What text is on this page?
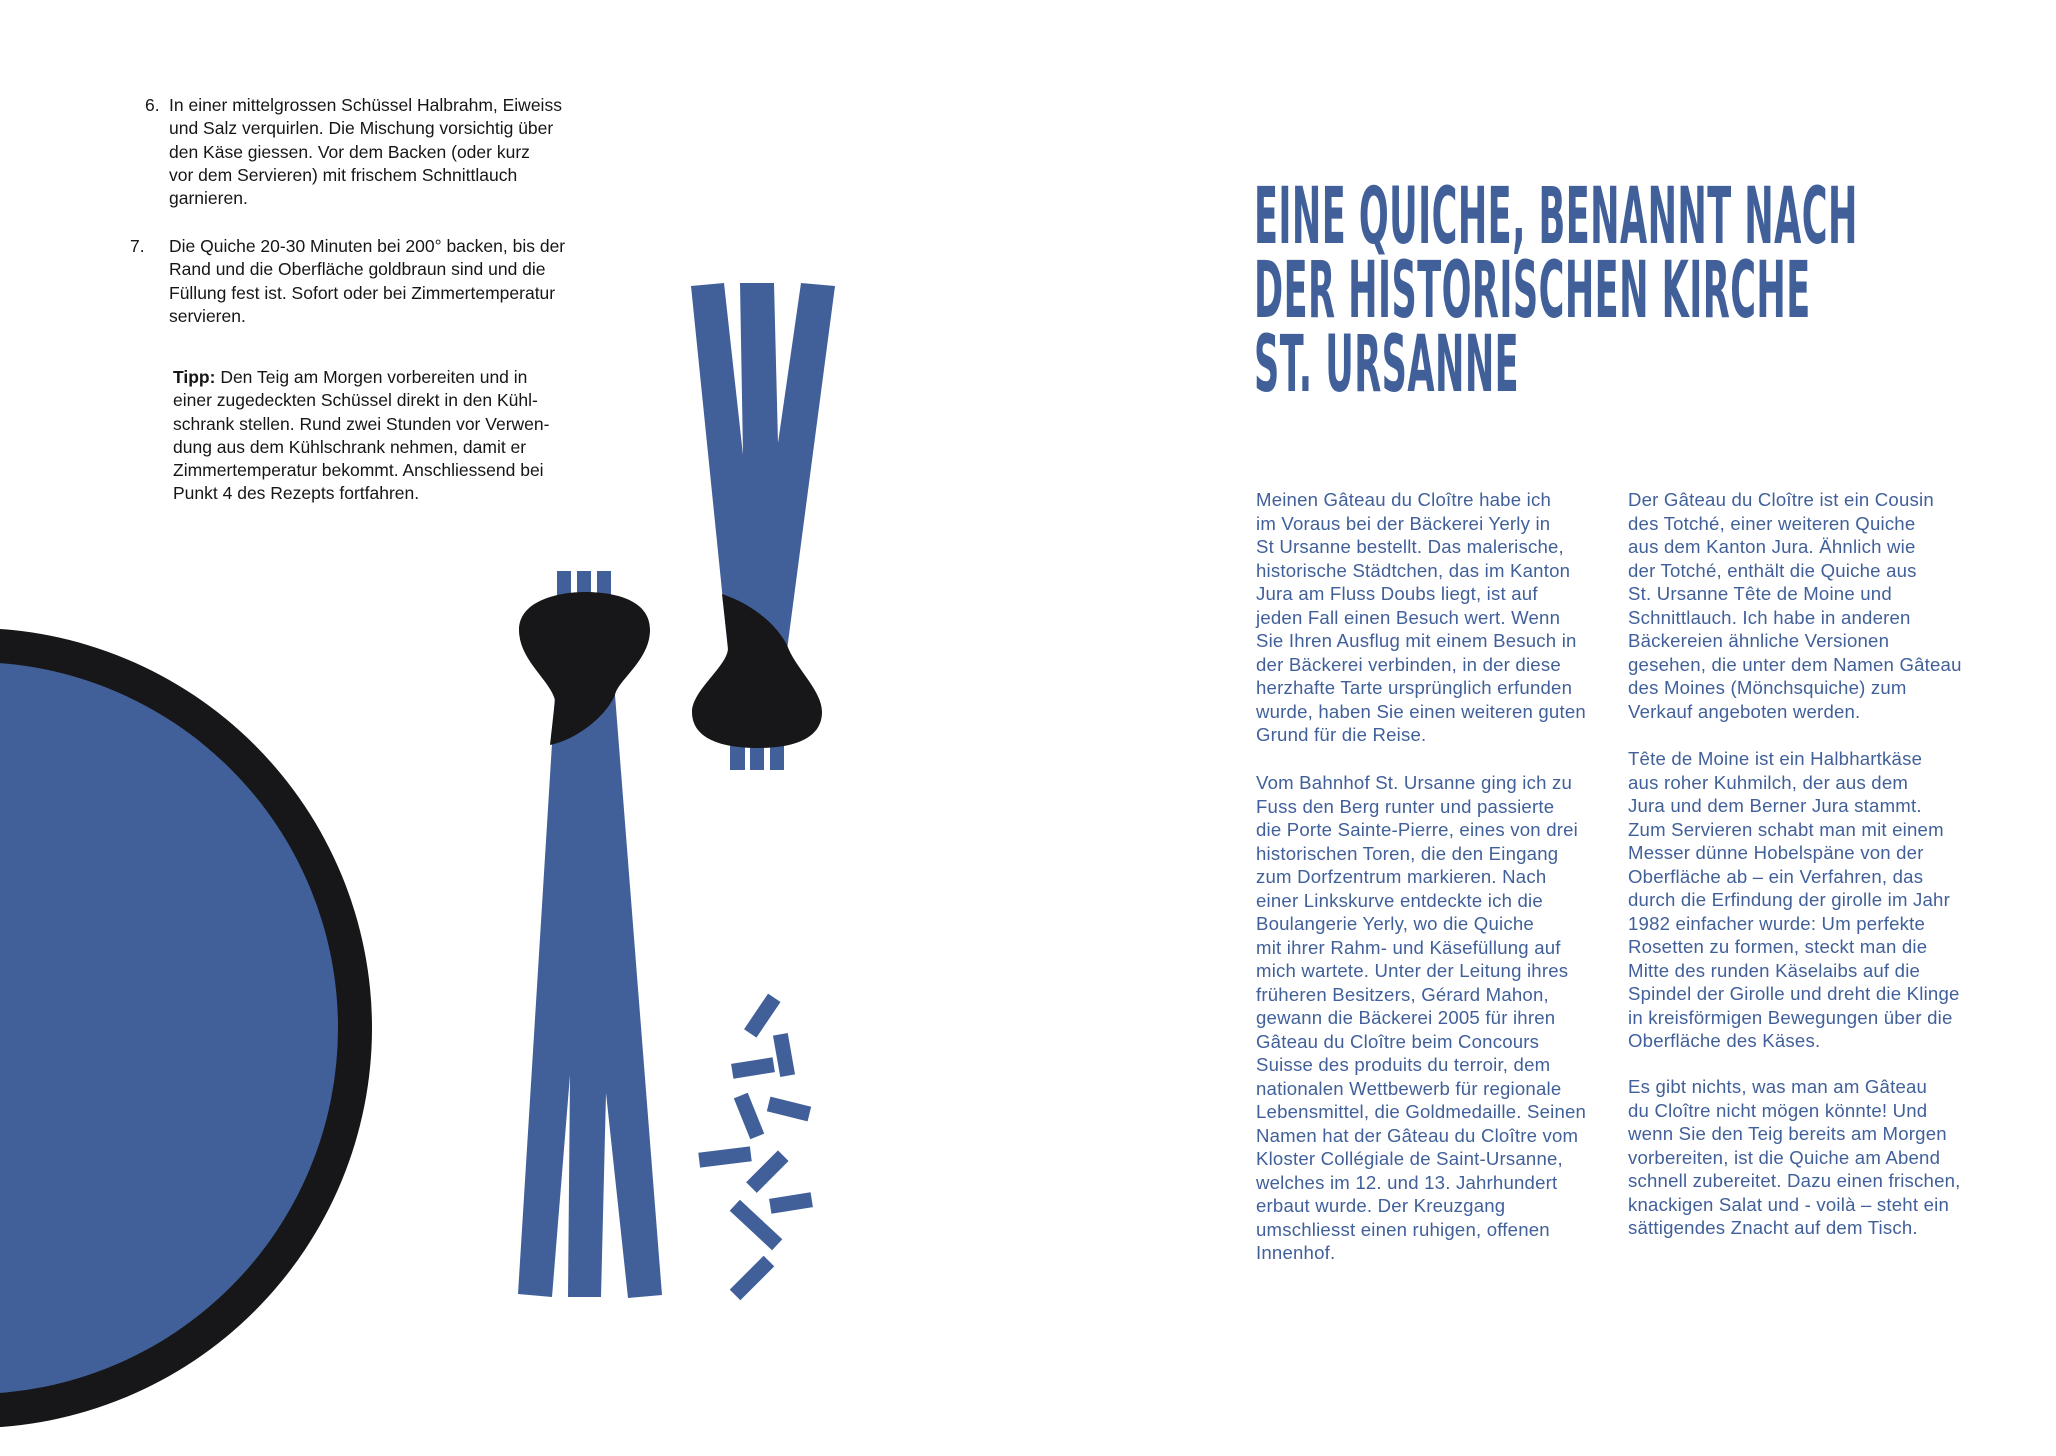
6. In einer mittelgrossen Schüssel Halbrahm, Eiweiss
und Salz verquirlen. Die Mischung vorsichtig über
den Käse giessen. Vor dem Backen (oder kurz
vor dem Servieren) mit frischem Schnittlauch
garnieren.
7. Die Quiche 20-30 Minuten bei 200° backen, bis der
Rand und die Oberfläche goldbraun sind und die
Füllung fest ist. Sofort oder bei Zimmertemperatur
servieren.
Tipp: Den Teig am Morgen vorbereiten und in
einer zugedeckten Schüssel direkt in den Kühl-
schrank stellen. Rund zwei Stunden vor Verwen-
dung aus dem Kühlschrank nehmen, damit er
Zimmertemperatur bekommt. Anschliessend bei
Punkt 4 des Rezepts fortfahren.
EINE QUICHE, BENANNT NACH
DER HISTORISCHEN KIRCHE
ST. URSANNE
Meinen Gâteau du Cloître habe ich
im Voraus bei der Bäckerei Yerly in
St Ursanne bestellt. Das malerische,
historische Städtchen, das im Kanton
Jura am Fluss Doubs liegt, ist auf
jeden Fall einen Besuch wert. Wenn
Sie Ihren Ausflug mit einem Besuch in
der Bäckerei verbinden, in der diese
herzhafte Tarte ursprünglich erfunden
wurde, haben Sie einen weiteren guten
Grund für die Reise.
Vom Bahnhof St. Ursanne ging ich zu
Fuss den Berg runter und passierte
die Porte Sainte-Pierre, eines von drei
historischen Toren, die den Eingang
zum Dorfzentrum markieren. Nach
einer Linkskurve entdeckte ich die
Boulangerie Yerly, wo die Quiche
mit ihrer Rahm- und Käsefüllung auf
mich wartete. Unter der Leitung ihres
früheren Besitzers, Gérard Mahon,
gewann die Bäckerei 2005 für ihren
Gâteau du Cloître beim Concours
Suisse des produits du terroir, dem
nationalen Wettbewerb für regionale
Lebensmittel, die Goldmedaille. Seinen
Namen hat der Gâteau du Cloître vom
Kloster Collégiale de Saint-Ursanne,
welches im 12. und 13. Jahrhundert
erbaut wurde. Der Kreuzgang
umschliesst einen ruhigen, offenen
Innenhof.
Der Gâteau du Cloître ist ein Cousin
des Totché, einer weiteren Quiche
aus dem Kanton Jura. Ähnlich wie
der Totché, enthält die Quiche aus
St. Ursanne Tête de Moine und
Schnittlauch. Ich habe in anderen
Bäckereien ähnliche Versionen
gesehen, die unter dem Namen Gâteau
des Moines (Mönchsquiche) zum
Verkauf angeboten werden.
Tête de Moine ist ein Halbhartkäse
aus roher Kuhmilch, der aus dem
Jura und dem Berner Jura stammt.
Zum Servieren schabt man mit einem
Messer dünne Hobelspäne von der
Oberfläche ab – ein Verfahren, das
durch die Erfindung der girolle im Jahr
1982 einfacher wurde: Um perfekte
Rosetten zu formen, steckt man die
Mitte des runden Käselaibs auf die
Spindel der Girolle und dreht die Klinge
in kreisförmigen Bewegungen über die
Oberfläche des Käses.
Es gibt nichts, was man am Gâteau
du Cloître nicht mögen könnte! Und
wenn Sie den Teig bereits am Morgen
vorbereiten, ist die Quiche am Abend
schnell zubereitet. Dazu einen frischen,
knackigen Salat und - voilà – steht ein
sättigendes Znacht auf dem Tisch.
